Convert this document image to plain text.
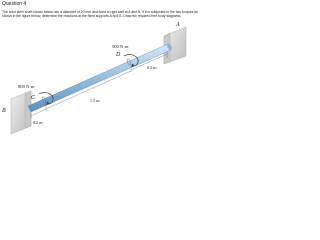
Question 4
The solid steel shaft shown below has a diameter of 20 mm and fixed to rigid wall at A and B. If it is subjected to the two torques as shown in the figure below, determine the reactions at the fixed supports A and B. Draw the required free body diagrams.
A
D
500 N·m
0.3 m
800 N·m
C	1.5 m
B
0.2 m
